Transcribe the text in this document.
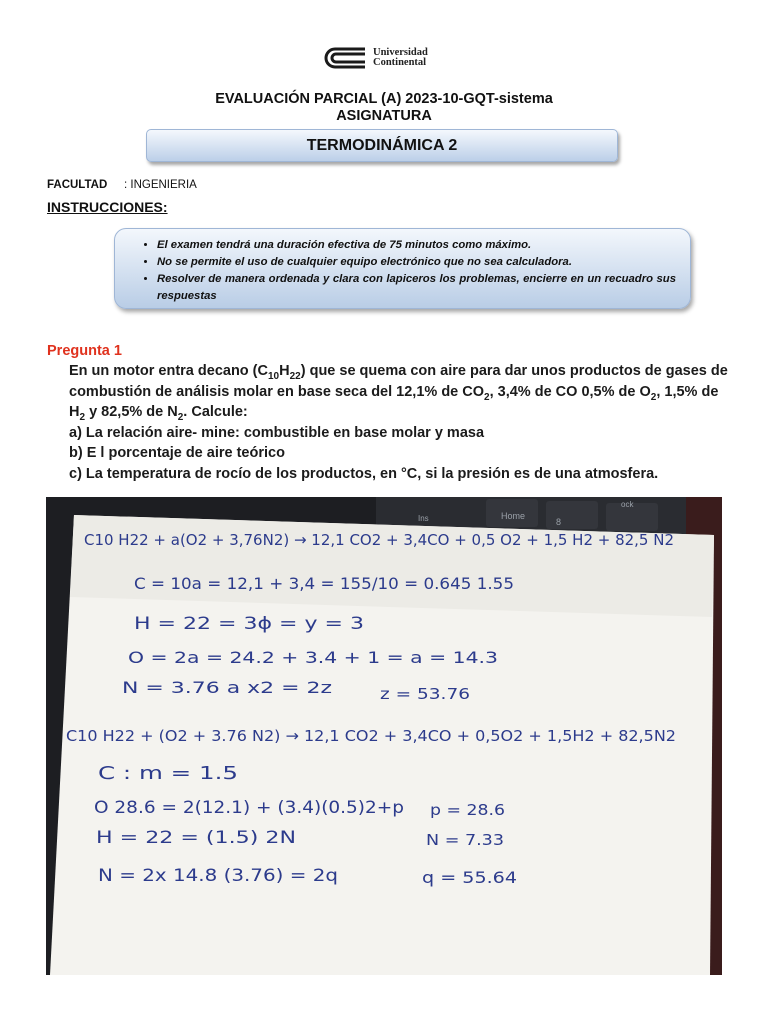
Universidad
Continental
EVALUACIÓN PARCIAL (A) 2023-10-GQT-sistema
ASIGNATURA
TERMODINÁMICA 2
FACULTAD : INGENIERIA
INSTRUCCIONES:
• El examen tendrá una duración efectiva de 75 minutos como máximo.
• No se permite el uso de cualquier equipo electrónico que no sea calculadora.
• Resolver de manera ordenada y clara con lapiceros los problemas, encierre en un recuadro sus respuestas
Pregunta 1

En un motor entra decano $(C_{10}H_{22})$ que se quema con aire para dar unos productos de gases de combustión de análisis molar en base seca del 12,1% de $CO_2$, 3,4% de CO 0,5% de $O_2$, 1,5% de $H_2$ y 82,5% de $N_2$. Calcule:

a) La relación aire- mine: combustible en base molar y masa

b) E l porcentaje de aire teórico

c) La temperatura de rocío de los productos, en °C, si la presión es de una atmosfera.

Home
8
ock
Ins
C10 H22 + a(O2 + 3,76N2) → 12,1 CO2 + 3,4CO + 0,5 O2 + 1,5 H2 + 82,5 N2
C = 10a = 12,1 + 3,4 = 155/10 = 0.645 1.55
H = 22 = 3ϕ = y = 3
O = 2a = 24.2 + 3.4 + 1 = a = 14.3
N = 3.76 a x2 = 2z	z = 53.76
C10 H22 + (O2 + 3.76 N2) → 12,1 CO2 + 3,4CO + 0,5O2 + 1,5H2 + 82,5N2
C : m = 1.5
O 28.6 = 2(12.1) + (3.4)(0.5)2+p p = 28.6
H = 22 = (1.5) 2N	N = 7.33
N = 2x 14.8 (3.76) = 2q	q = 55.64
